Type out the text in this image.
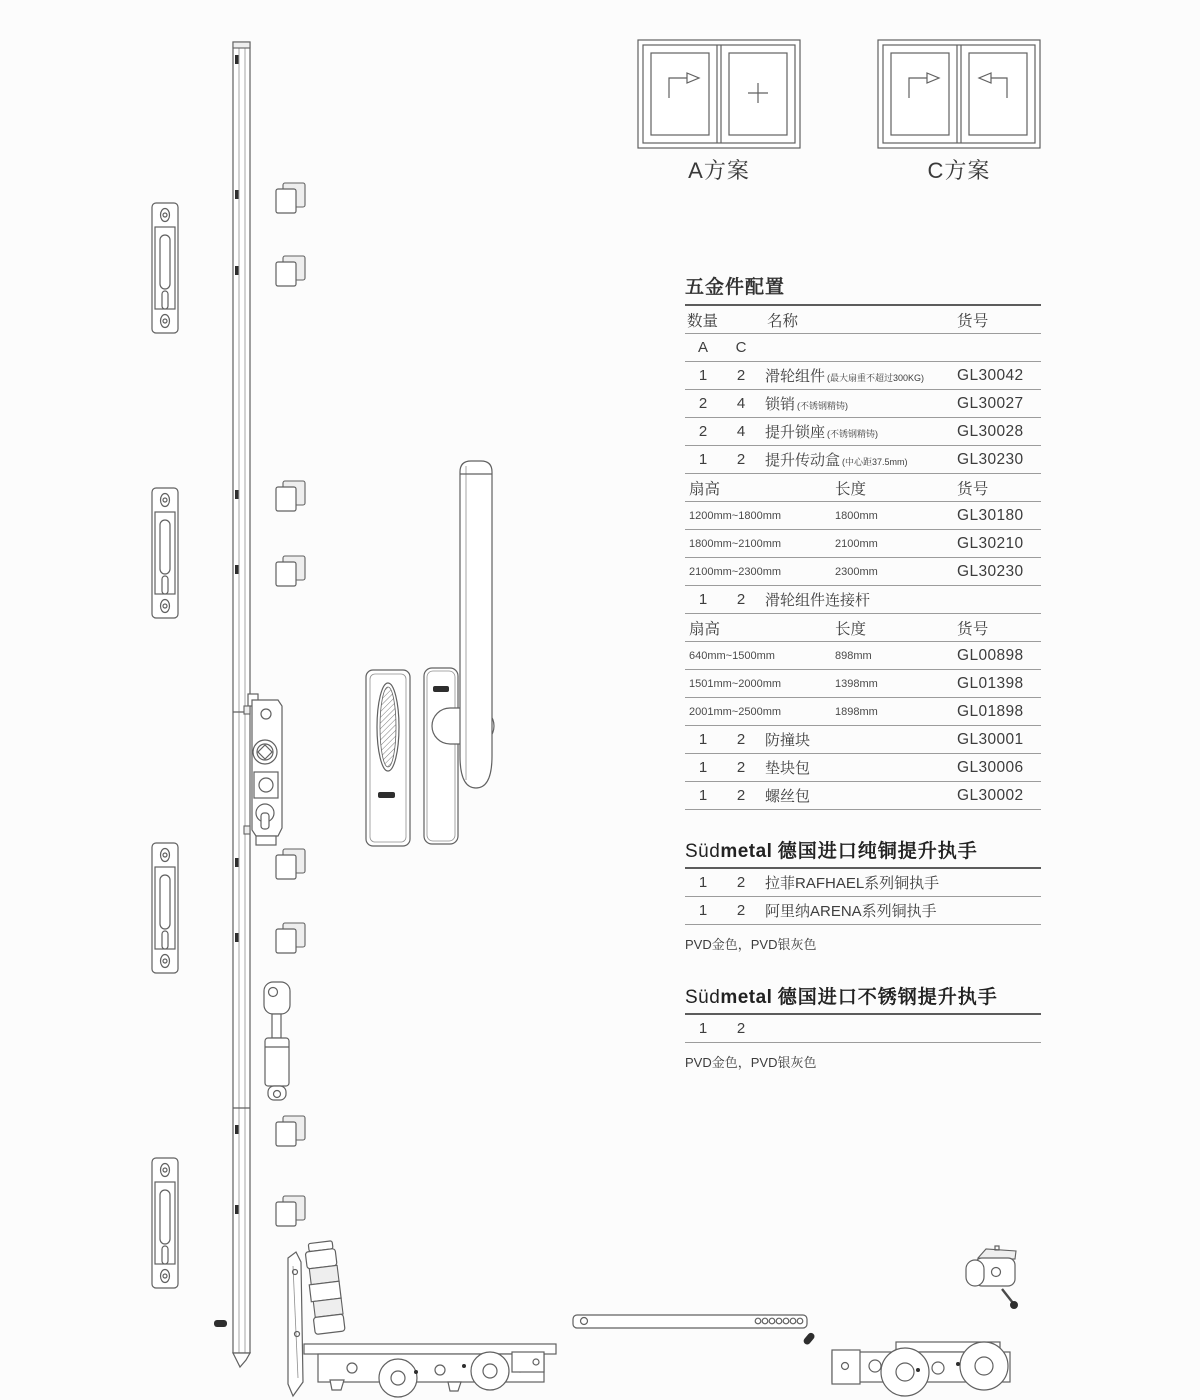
A方案	C方案
五金件配置
数量	名称	货号
A	C
1	2	滑轮组件 (最大扇重不超过300KG) GL30042
2	4	锁销 (不锈钢精铸)	GL30027
2	4	提升锁座 (不锈钢精铸)	GL30028
1	2	提升传动盒 (中心距37.5mm)	GL30230
扇高	长度	货号
1200mm~1800mm	1800mm	GL30180
1800mm~2100mm	2100mm	GL30210
2100mm~2300mm	2300mm	GL30230
1	2	滑轮组件连接杆
扇高	长度	货号
640mm~1500mm	898mm	GL00898
1501mm~2000mm	1398mm	GL01398
2001mm~2500mm	1898mm	GL01898
1	2	防撞块	GL30001
1	2	垫块包	GL30006
1	2	螺丝包	GL30002
Südmetal 德国进口纯铜提升执手
1	2	拉菲RAFHAEL系列铜执手
1	2	阿里纳ARENA系列铜执手
PVD金色，PVD银灰色
Südmetal 德国进口不锈钢提升执手
1	2
PVD金色，PVD银灰色
